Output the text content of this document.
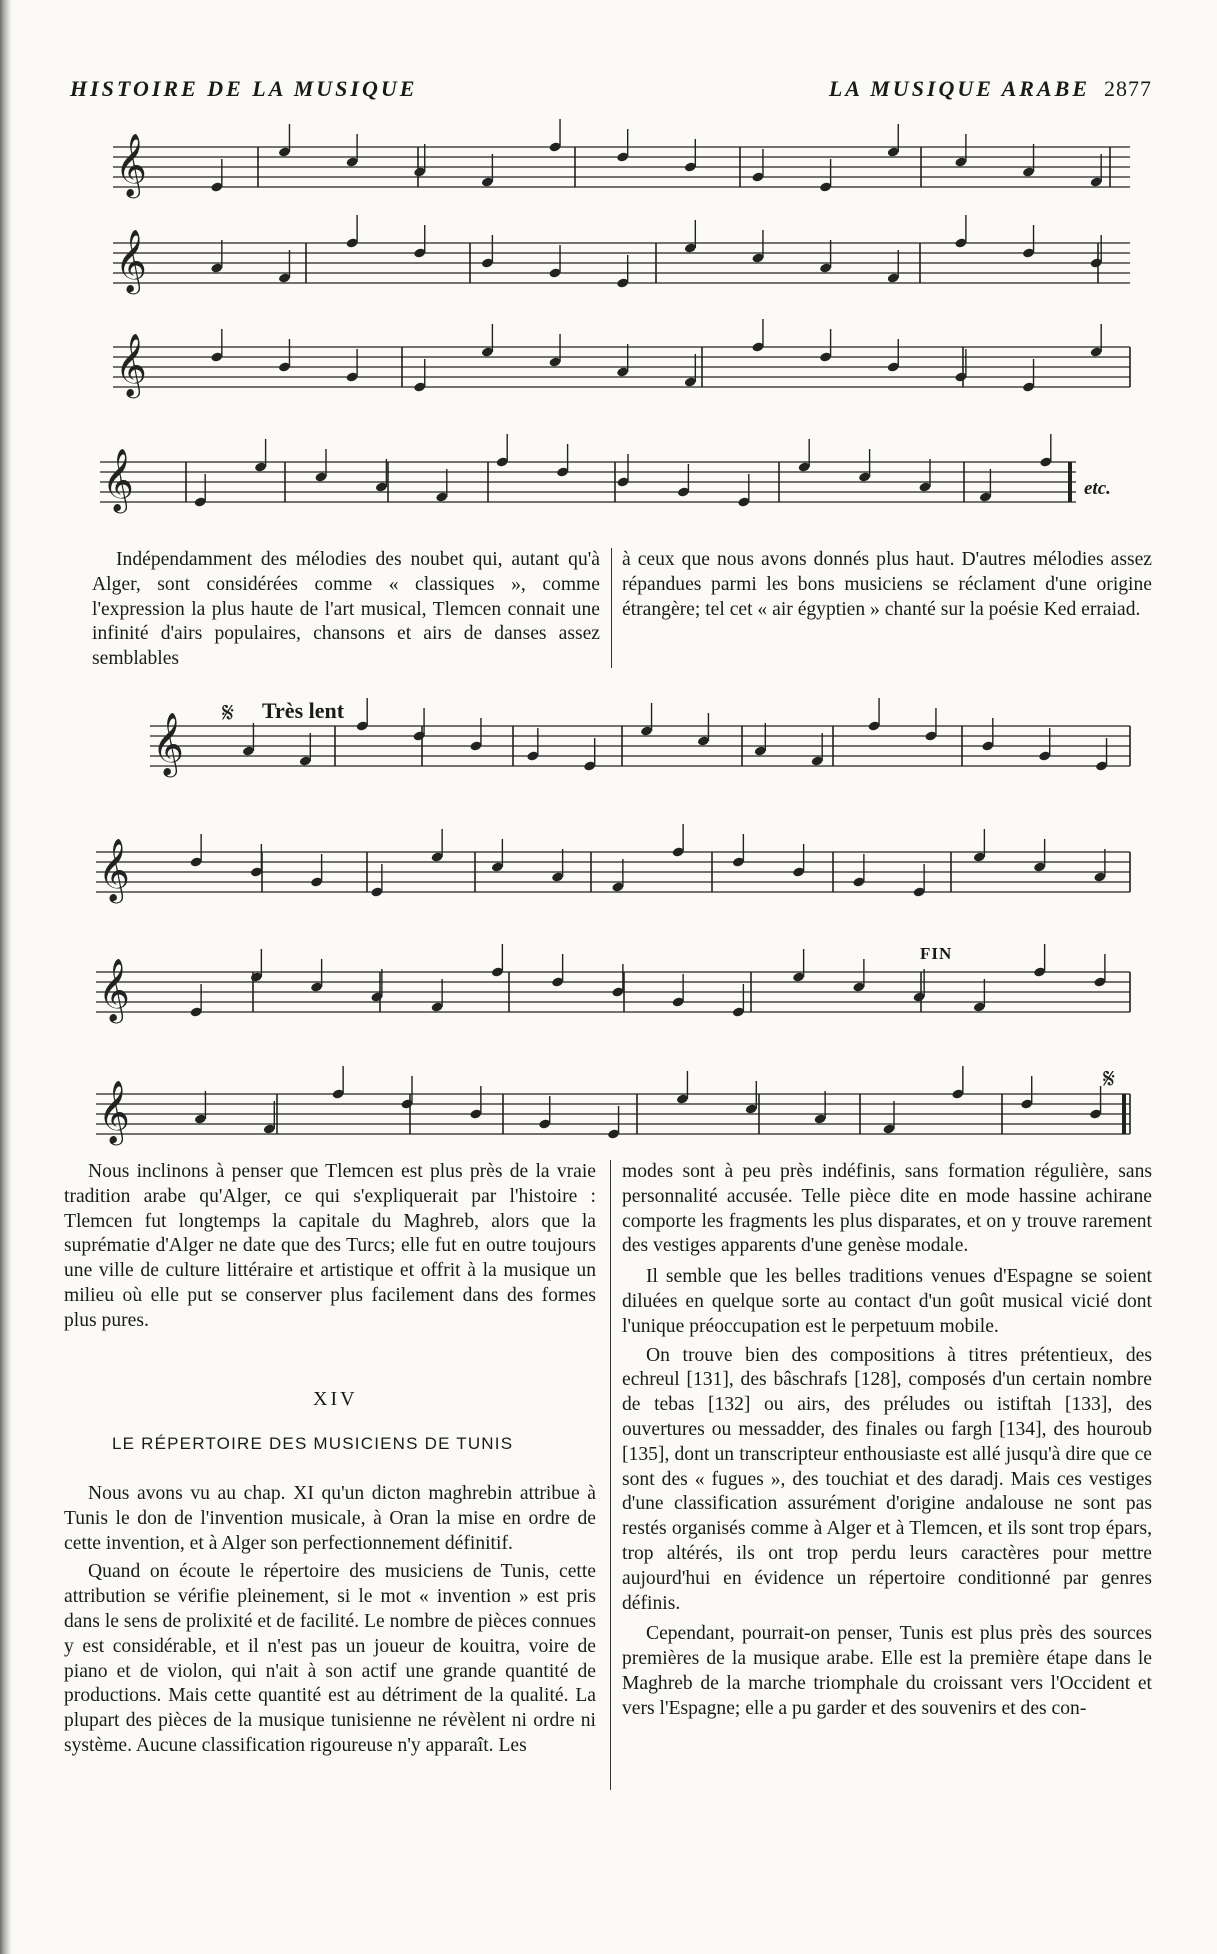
HISTOIRE DE LA MUSIQUE	LA MUSIQUE ARABE 2877
𝄞
𝄞
𝄞
𝄞
𝄞
𝄞
𝄞
𝄞
𝄋
𝄋
etc.
Très lent
FIN

Indépendamment des mélodies des noubet qui, autant qu'à Alger, sont considérées comme « classiques », comme l'expression la plus haute de l'art musical, Tlemcen connait une infinité d'airs populaires, chansons et airs de danses assez semblables

à ceux que nous avons donnés plus haut. D'autres mélodies assez répandues parmi les bons musiciens se réclament d'une origine étrangère; tel cet « air égyptien » chanté sur la poésie Ked erraiad.

Nous inclinons à penser que Tlemcen est plus près de la vraie tradition arabe qu'Alger, ce qui s'expliquerait par l'histoire : Tlemcen fut longtemps la capitale du Maghreb, alors que la suprématie d'Alger ne date que des Turcs; elle fut en outre toujours une ville de culture littéraire et artistique et offrit à la musique un milieu où elle put se conserver plus facilement dans des formes plus pures.

XIV
LE RÉPERTOIRE DES MUSICIENS DE TUNIS

Nous avons vu au chap. XI qu'un dicton maghrebin attribue à Tunis le don de l'invention musicale, à Oran la mise en ordre de cette invention, et à Alger son perfectionnement définitif.

Quand on écoute le répertoire des musiciens de Tunis, cette attribution se vérifie pleinement, si le mot « invention » est pris dans le sens de prolixité et de facilité. Le nombre de pièces connues y est considérable, et il n'est pas un joueur de kouitra, voire de piano et de violon, qui n'ait à son actif une grande quantité de productions. Mais cette quantité est au détriment de la qualité. La plupart des pièces de la musique tunisienne ne révèlent ni ordre ni système. Aucune classification rigoureuse n'y apparaît. Les

modes sont à peu près indéfinis, sans formation régulière, sans personnalité accusée. Telle pièce dite en mode hassine achirane comporte les fragments les plus disparates, et on y trouve rarement des vestiges apparents d'une genèse modale.

Il semble que les belles traditions venues d'Espagne se soient diluées en quelque sorte au contact d'un goût musical vicié dont l'unique préoccupation est le perpetuum mobile.

On trouve bien des compositions à titres prétentieux, des echreul [131], des bâschrafs [128], composés d'un certain nombre de tebas [132] ou airs, des préludes ou istiftah [133], des ouvertures ou messadder, des finales ou fargh [134], des houroub [135], dont un transcripteur enthousiaste est allé jusqu'à dire que ce sont des « fugues », des touchiat et des daradj. Mais ces vestiges d'une classification assurément d'origine andalouse ne sont pas restés organisés comme à Alger et à Tlemcen, et ils sont trop épars, trop altérés, ils ont trop perdu leurs caractères pour mettre aujourd'hui en évidence un répertoire conditionné par genres définis.

Cependant, pourrait-on penser, Tunis est plus près des sources premières de la musique arabe. Elle est la première étape dans le Maghreb de la marche triomphale du croissant vers l'Occident et vers l'Espagne; elle a pu garder et des souvenirs et des con-
